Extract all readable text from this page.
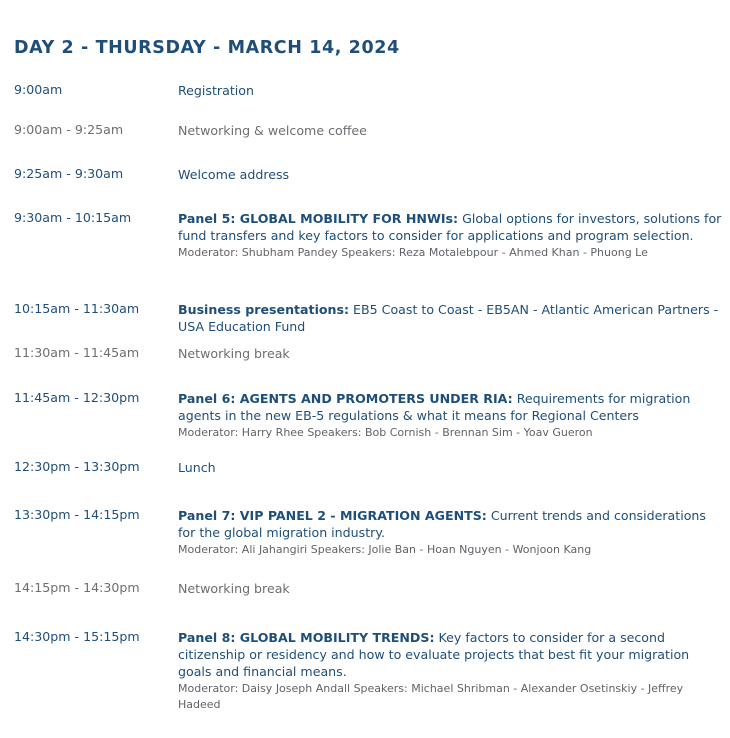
DAY 2 - THURSDAY - MARCH 14, 2024
9:00am	Registration
9:00am - 9:25am	Networking & welcome coffee
9:25am - 9:30am	Welcome address
9:30am - 10:15am	Panel 5: GLOBAL MOBILITY FOR HNWIs: Global options for investors, solutions for fund transfers and key factors to consider for applications and program selection.
Moderator: Shubham Pandey Speakers: Reza Motalebpour - Ahmed Khan - Phuong Le
10:15am - 11:30am	Business presentations: EB5 Coast to Coast - EB5AN - Atlantic American Partners - USA Education Fund
11:30am - 11:45am	Networking break
11:45am - 12:30pm	Panel 6: AGENTS AND PROMOTERS UNDER RIA: Requirements for migration agents in the new EB-5 regulations & what it means for Regional Centers
Moderator: Harry Rhee Speakers: Bob Cornish - Brennan Sim - Yoav Gueron
12:30pm - 13:30pm	Lunch
13:30pm - 14:15pm	Panel 7: VIP PANEL 2 - MIGRATION AGENTS: Current trends and considerations for the global migration industry.
Moderator: Ali Jahangiri Speakers: Jolie Ban - Hoan Nguyen - Wonjoon Kang
14:15pm - 14:30pm	Networking break
14:30pm - 15:15pm	Panel 8: GLOBAL MOBILITY TRENDS: Key factors to consider for a second citizenship or residency and how to evaluate projects that best fit your migration goals and financial means.
Moderator: Daisy Joseph Andall Speakers: Michael Shribman - Alexander Osetinskiy - Jeffrey Hadeed
